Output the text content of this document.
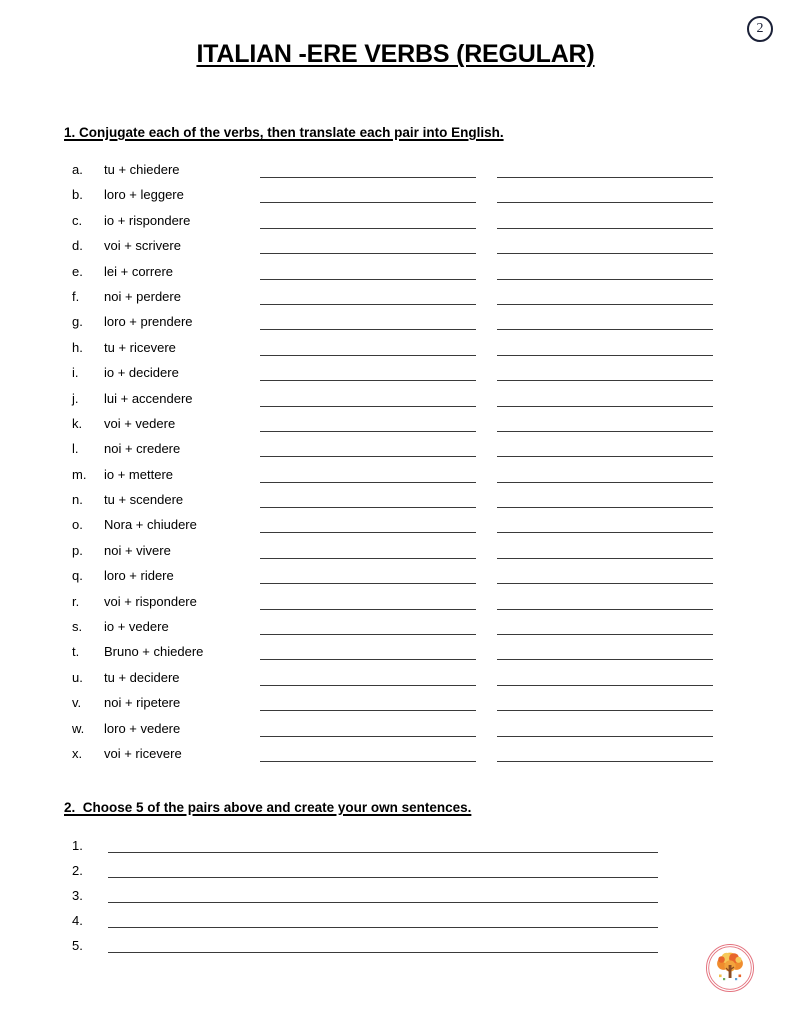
2
ITALIAN -ERE VERBS (REGULAR)
1. Conjugate each of the verbs, then translate each pair into English.
a.	tu + chiedere
b.	loro + leggere
c.	io + rispondere
d.	voi + scrivere
e.	lei + correre
f.	noi + perdere
g.	loro + prendere
h.	tu + ricevere
i.	io + decidere
j.	lui + accendere
k.	voi + vedere
l.	noi + credere
m.	io + mettere
n.	tu + scendere
o.	Nora + chiudere
p.	noi + vivere
q.	loro + ridere
r.	voi + rispondere
s.	io + vedere
t.	Bruno + chiedere
u.	tu + decidere
v.	noi + ripetere
w.	loro + vedere
x.	voi + ricevere
2.  Choose 5 of the pairs above and create your own sentences.
1.
2.
3.
4.
5.
